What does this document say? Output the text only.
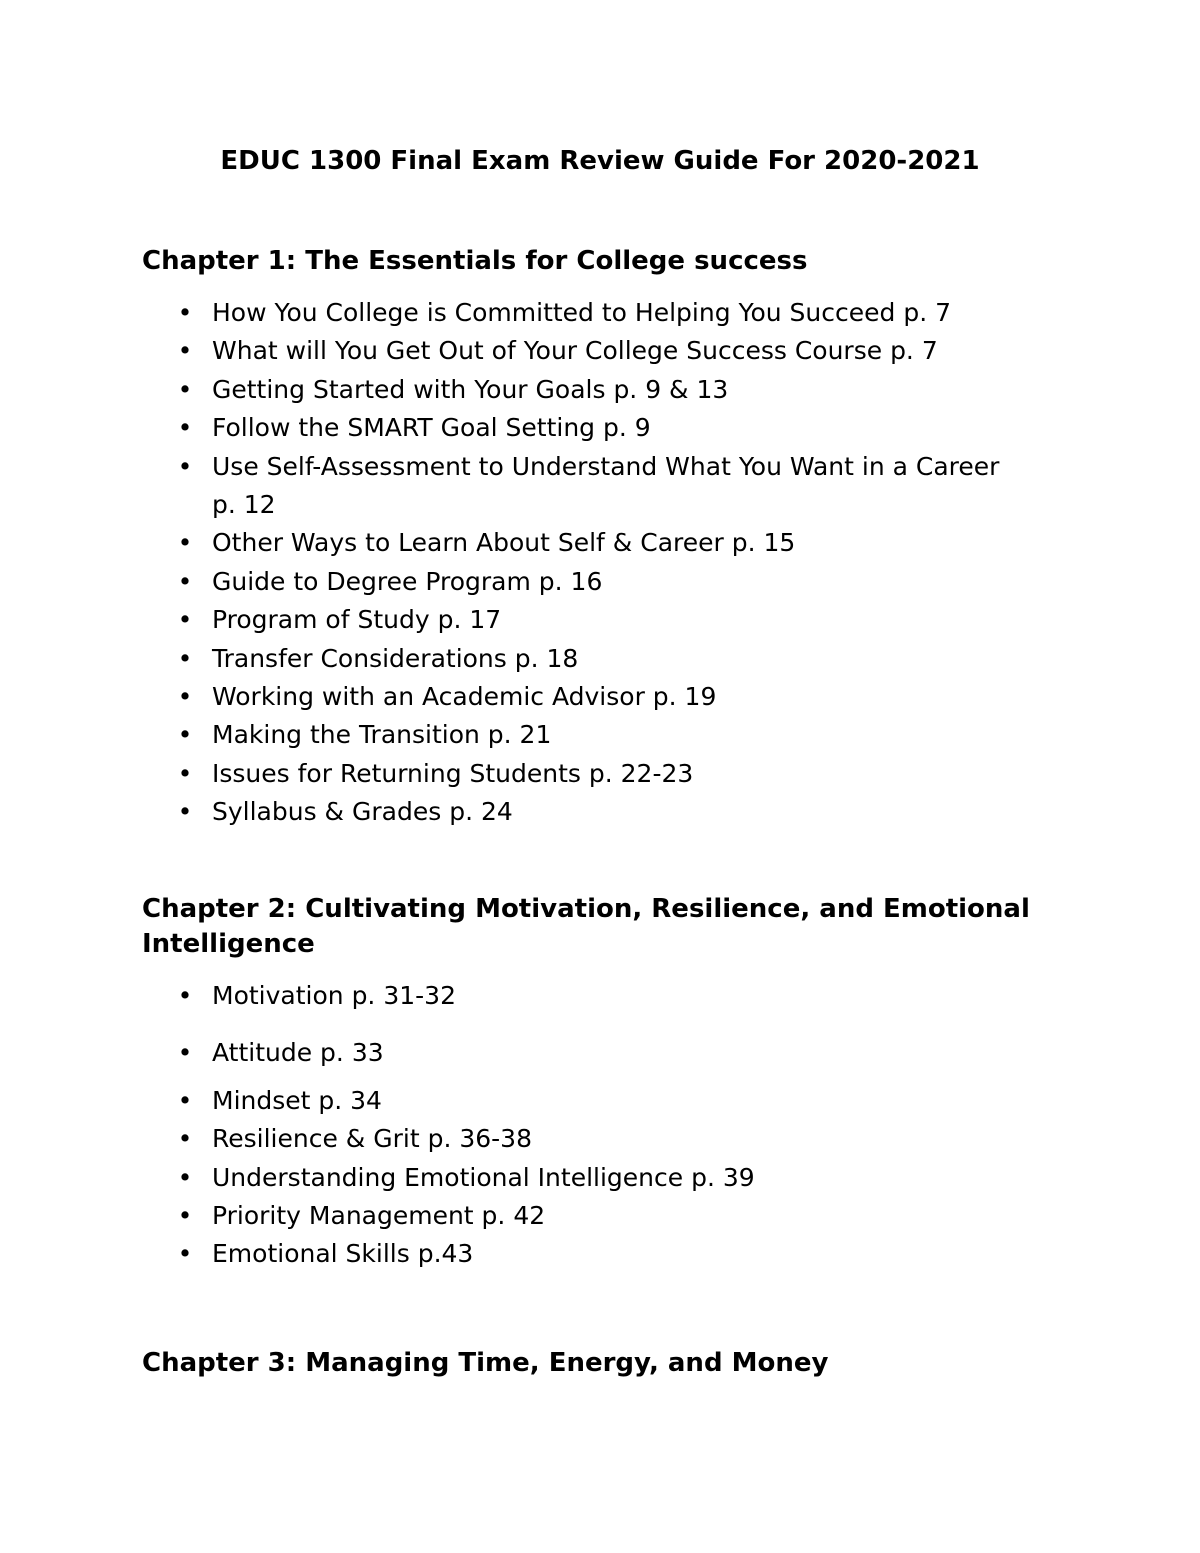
EDUC 1300 Final Exam Review Guide For 2020-2021
Chapter 1: The Essentials for College success
• How You College is Committed to Helping You Succeed p. 7
• What will You Get Out of Your College Success Course p. 7
• Getting Started with Your Goals p. 9 & 13
• Follow the SMART Goal Setting p. 9
• Use Self-Assessment to Understand What You Want in a Career p. 12
• Other Ways to Learn About Self & Career p. 15
• Guide to Degree Program p. 16
• Program of Study p. 17
• Transfer Considerations p. 18
• Working with an Academic Advisor p. 19
• Making the Transition p. 21
• Issues for Returning Students p. 22-23
• Syllabus & Grades p. 24
Chapter 2: Cultivating Motivation, Resilience, and Emotional Intelligence
• Motivation p. 31-32
• Attitude p. 33
• Mindset p. 34
• Resilience & Grit p. 36-38
• Understanding Emotional Intelligence p. 39
• Priority Management p. 42
• Emotional Skills p.43
Chapter 3: Managing Time, Energy, and Money
